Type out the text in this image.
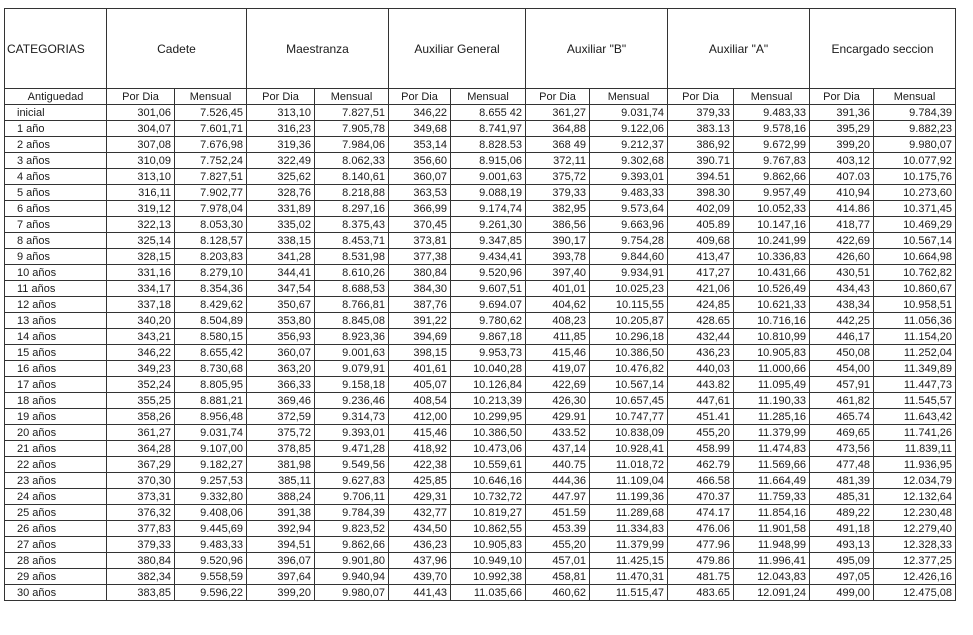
CATEGORIAS	Cadete		Maestranza		Auxiliar General		Auxiliar "B"		Auxiliar "A"		Encargado seccion	
Antiguedad	Por Dia	Mensual	Por Dia	Mensual	Por Dia	Mensual	Por Dia	Mensual	Por Dia	Mensual	Por Dia	Mensual
inicial	301,06	7.526,45	313,10	7.827,51	346,22	8.655 42	361,27	9.031,74	379,33	9.483,33	391,36	9.784,39
1 año	304,07	7.601,71	316,23	7.905,78	349,68	8.741,97	364,88	9.122,06	383.13	9.578,16	395,29	9.882,23
2 años	307,08	7.676,98	319,36	7.984,06	353,14	8.828.53	368 49	9.212,37	386,92	9.672,99	399,20	9.980,07
3 años	310,09	7.752,24	322,49	8.062,33	356,60	8.915,06	372,11	9.302,68	390.71	9.767,83	403,12	10.077,92
4 años	313,10	7.827,51	325,62	8.140,61	360,07	9.001,63	375,72	9.393,01	394.51	9.862,66	407.03	10.175,76
5 años	316,11	7.902,77	328,76	8.218,88	363,53	9.088,19	379,33	9.483,33	398.30	9.957,49	410,94	10.273,60
6 años	319,12	7.978,04	331,89	8.297,16	366,99	9.174,74	382,95	9.573,64	402,09	10.052,33	414.86	10.371,45
7 años	322,13	8.053,30	335,02	8.375,43	370,45	9.261,30	386,56	9.663,96	405.89	10.147,16	418,77	10.469,29
8 años	325,14	8.128,57	338,15	8.453,71	373,81	9.347,85	390,17	9.754,28	409,68	10.241,99	422,69	10.567,14
9 años	328,15	8.203,83	341,28	8.531,98	377,38	9.434,41	393,78	9.844,60	413,47	10.336,83	426,60	10.664,98
10 años	331,16	8.279,10	344,41	8.610,26	380,84	9.520,96	397,40	9.934,91	417,27	10.431,66	430,51	10.762,82
11 años	334,17	8.354,36	347,54	8.688,53	384,30	9.607,51	401,01	10.025,23	421,06	10.526,49	434,43	10.860,67
12 años	337,18	8.429,62	350,67	8.766,81	387,76	9.694.07	404,62	10.115,55	424,85	10.621,33	438,34	10.958,51
13 años	340,20	8.504,89	353,80	8.845,08	391,22	9.780,62	408,23	10.205,87	428.65	10.716,16	442,25	11.056,36
14 años	343,21	8.580,15	356,93	8.923,36	394,69	9.867,18	411,85	10.296,18	432,44	10.810,99	446,17	11.154,20
15 años	346,22	8.655,42	360,07	9.001,63	398,15	9.953,73	415,46	10.386,50	436,23	10.905,83	450,08	11.252,04
16 años	349,23	8.730,68	363,20	9.079,91	401,61	10.040,28	419,07	10.476,82	440,03	11.000,66	454,00	11.349,89
17 años	352,24	8.805,95	366,33	9.158,18	405,07	10.126,84	422,69	10.567,14	443.82	11.095,49	457,91	11.447,73
18 años	355,25	8.881,21	369,46	9.236,46	408,54	10.213,39	426,30	10.657,45	447,61	11.190,33	461,82	11.545,57
19 años	358,26	8.956,48	372,59	9.314,73	412,00	10.299,95	429.91	10.747,77	451.41	11.285,16	465.74	11.643,42
20 años	361,27	9.031,74	375,72	9.393,01	415,46	10.386,50	433.52	10.838,09	455,20	11.379,99	469,65	11.741,26
21 años	364,28	9.107,00	378,85	9.471,28	418,92	10.473,06	437,14	10.928,41	458.99	11.474,83	473,56	11.839,11
22 años	367,29	9.182,27	381,98	9.549,56	422,38	10.559,61	440.75	11.018,72	462.79	11.569,66	477,48	11.936,95
23 años	370,30	9.257,53	385,11	9.627,83	425,85	10.646,16	444,36	11.109,04	466.58	11.664,49	481,39	12.034,79
24 años	373,31	9.332,80	388,24	9.706,11	429,31	10.732,72	447.97	11.199,36	470.37	11.759,33	485,31	12.132,64
25 años	376,32	9.408,06	391,38	9.784,39	432,77	10.819,27	451.59	11.289,68	474.17	11.854,16	489,22	12.230,48
26 años	377,83	9.445,69	392,94	9.823,52	434,50	10.862,55	453.39	11.334,83	476.06	11.901,58	491,18	12.279,40
27 años	379,33	9.483,33	394,51	9.862,66	436,23	10.905,83	455,20	11.379,99	477.96	11.948,99	493,13	12.328,33
28 años	380,84	9.520,96	396,07	9.901,80	437,96	10.949,10	457,01	11.425,15	479.86	11.996,41	495,09	12.377,25
29 años	382,34	9.558,59	397,64	9.940,94	439,70	10.992,38	458,81	11.470,31	481.75	12.043,83	497,05	12.426,16
30 años	383,85	9.596,22	399,20	9.980,07	441,43	11.035,66	460,62	11.515,47	483.65	12.091,24	499,00	12.475,08
